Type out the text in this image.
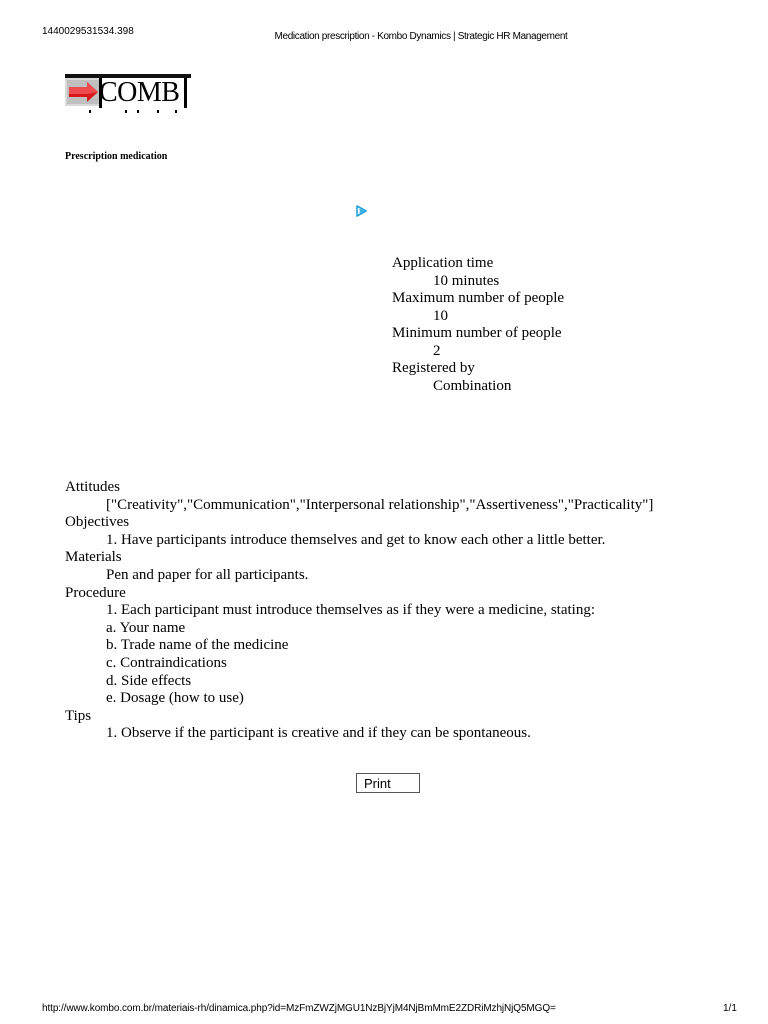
1440029531534.398	Medication prescription - Kombo Dynamics | Strategic HR Management
COMB
Prescription medication
Application time
10 minutes
Maximum number of people
10
Minimum number of people
2
Registered by
Combination
Attitudes
["Creativity","Communication","Interpersonal relationship","Assertiveness","Practicality"]
Objectives
1. Have participants introduce themselves and get to know each other a little better.
Materials
Pen and paper for all participants.
Procedure
1. Each participant must introduce themselves as if they were a medicine, stating:
a. Your name
b. Trade name of the medicine
c. Contraindications
d. Side effects
e. Dosage (how to use)
Tips
1. Observe if the participant is creative and if they can be spontaneous.
Print
http://www.kombo.com.br/materiais-rh/dinamica.php?id=MzFmZWZjMGU1NzBjYjM4NjBmMmE2ZDRiMzhjNjQ5MGQ=	1/1
